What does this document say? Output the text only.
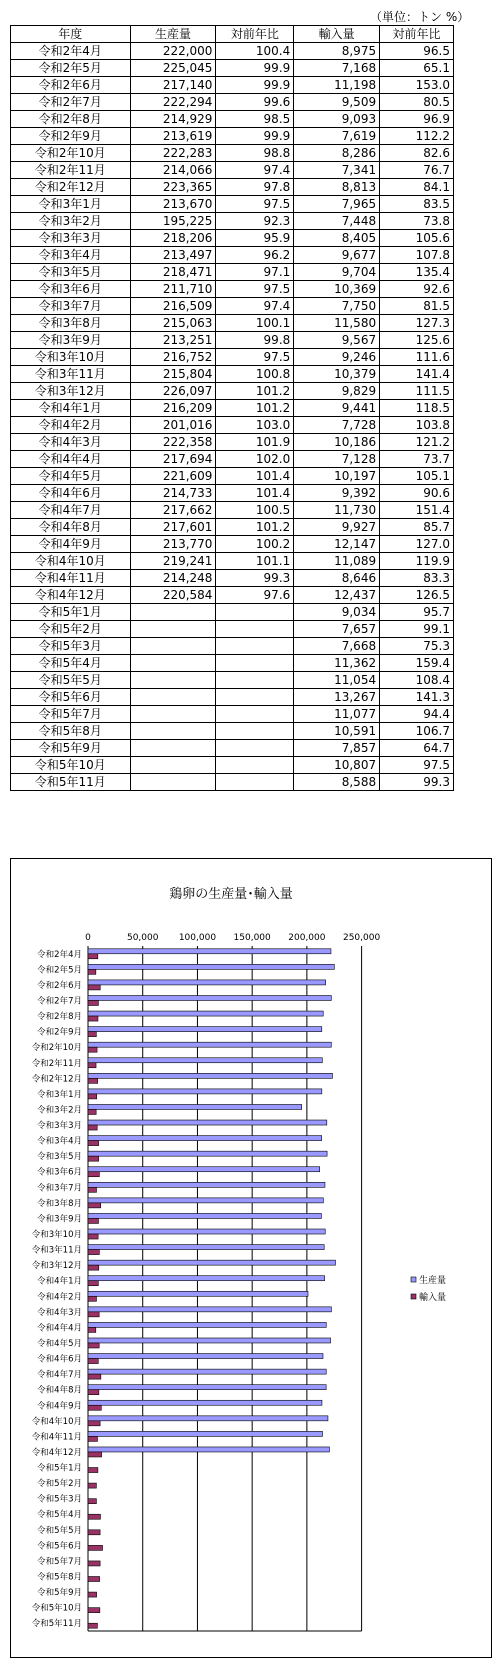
（単位：トン %）
年度	生産量	対前年比	輸入量	対前年比
令和2年4月	222,000	100.4	8,975	96.5
令和2年5月	225,045	99.9	7,168	65.1
令和2年6月	217,140	99.9	11,198	153.0
令和2年7月	222,294	99.6	9,509	80.5
令和2年8月	214,929	98.5	9,093	96.9
令和2年9月	213,619	99.9	7,619	112.2
令和2年10月	222,283	98.8	8,286	82.6
令和2年11月	214,066	97.4	7,341	76.7
令和2年12月	223,365	97.8	8,813	84.1
令和3年1月	213,670	97.5	7,965	83.5
令和3年2月	195,225	92.3	7,448	73.8
令和3年3月	218,206	95.9	8,405	105.6
令和3年4月	213,497	96.2	9,677	107.8
令和3年5月	218,471	97.1	9,704	135.4
令和3年6月	211,710	97.5	10,369	92.6
令和3年7月	216,509	97.4	7,750	81.5
令和3年8月	215,063	100.1	11,580	127.3
令和3年9月	213,251	99.8	9,567	125.6
令和3年10月	216,752	97.5	9,246	111.6
令和3年11月	215,804	100.8	10,379	141.4
令和3年12月	226,097	101.2	9,829	111.5
令和4年1月	216,209	101.2	9,441	118.5
令和4年2月	201,016	103.0	7,728	103.8
令和4年3月	222,358	101.9	10,186	121.2
令和4年4月	217,694	102.0	7,128	73.7
令和4年5月	221,609	101.4	10,197	105.1
令和4年6月	214,733	101.4	9,392	90.6
令和4年7月	217,662	100.5	11,730	151.4
令和4年8月	217,601	101.2	9,927	85.7
令和4年9月	213,770	100.2	12,147	127.0
令和4年10月	219,241	101.1	11,089	119.9
令和4年11月	214,248	99.3	8,646	83.3
令和4年12月	220,584	97.6	12,437	126.5
令和5年1月			9,034	95.7
令和5年2月			7,657	99.1
令和5年3月			7,668	75.3
令和5年4月			11,362	159.4
令和5年5月			11,054	108.4
令和5年6月			13,267	141.3
令和5年7月			11,077	94.4
令和5年8月			10,591	106.7
令和5年9月			7,857	64.7
令和5年10月			10,807	97.5
令和5年11月			8,588	99.3
鶏卵の生産量･輸入量
0	50,000 100,000 150,000 200,000 250,000
令和2年4月
令和2年5月
令和2年6月
令和2年7月
令和2年8月
令和2年9月
令和2年10月
令和2年11月
令和2年12月
令和3年1月
令和3年2月
令和3年3月
令和3年4月
令和3年5月
令和3年6月
令和3年7月
令和3年8月
令和3年9月
令和3年10月
令和3年11月
令和3年12月
令和4年1月
令和4年2月
令和4年3月
令和4年4月
令和4年5月
令和4年6月
令和4年7月
令和4年8月
令和4年9月
令和4年10月
令和4年11月
令和4年12月
令和5年1月
令和5年2月
令和5年3月
令和5年4月
令和5年5月
令和5年6月
令和5年7月
令和5年8月
令和5年9月
令和5年10月
令和5年11月
生産量
輸入量
